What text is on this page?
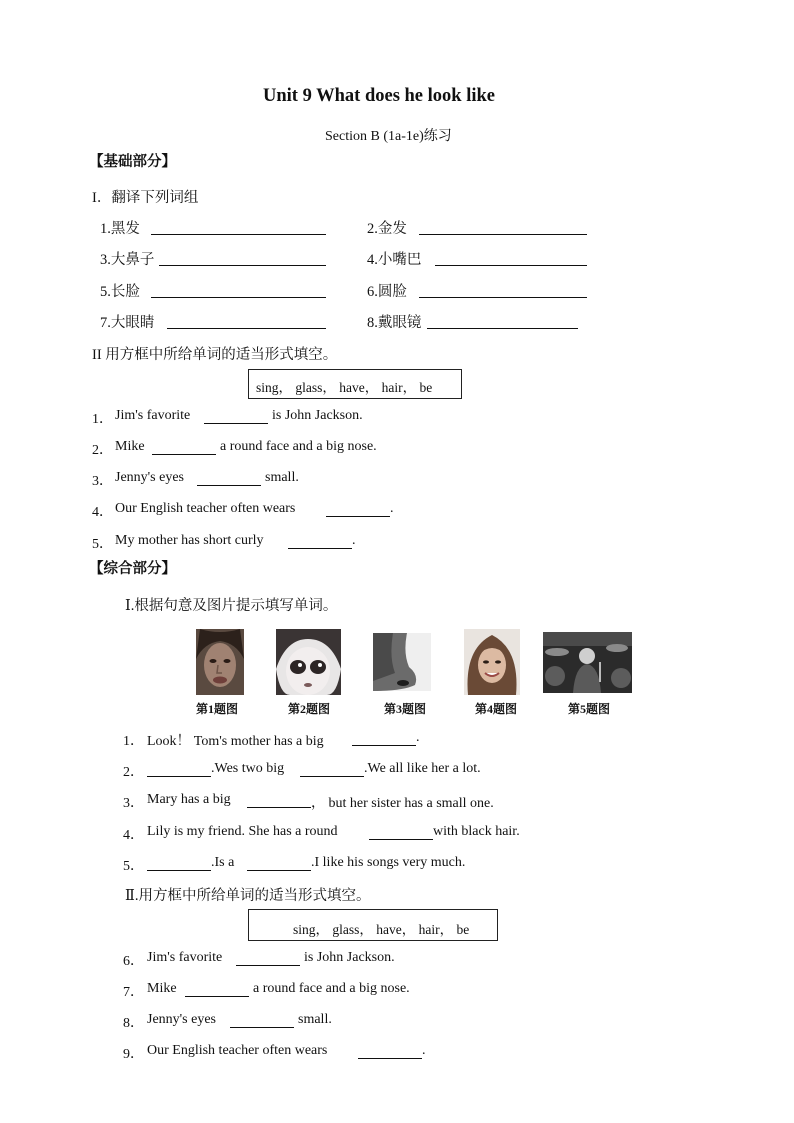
Unit 9 What does he look like
Section B (1a-1e)练习
【基础部分】
I．翻译下列词组
1.黑发	2.金发
3.大鼻子	4.小嘴巴
5.长脸	6.圆脸
7.大眼睛	8.戴眼镜
II 用方框中所给单词的适当形式填空。
sing， glass， have， hair， be
1． Jim's favorite	is John Jackson.
2． Mike	a round face and a big nose.
3． Jenny's eyes	small.
4． Our English teacher often wears	.
5． My mother has short curly	.
【综合部分】
Ⅰ.根据句意及图片提示填写单词。
第1题图	第2题图	第3题图	第4题图	第5题图
1． Look！ Tom's mother has a big	.
2．	.Wes two big	.We all like her a lot.
3． Mary has a big	， but her sister has a small one.
4． Lily is my friend. She has a round	with black hair.
5．	.Is a	.I like his songs very much.
Ⅱ.用方框中所给单词的适当形式填空。
sing， glass， have， hair， be
6． Jim's favorite	is John Jackson.
7． Mike	a round face and a big nose.
8． Jenny's eyes	small.
9． Our English teacher often wears	.
